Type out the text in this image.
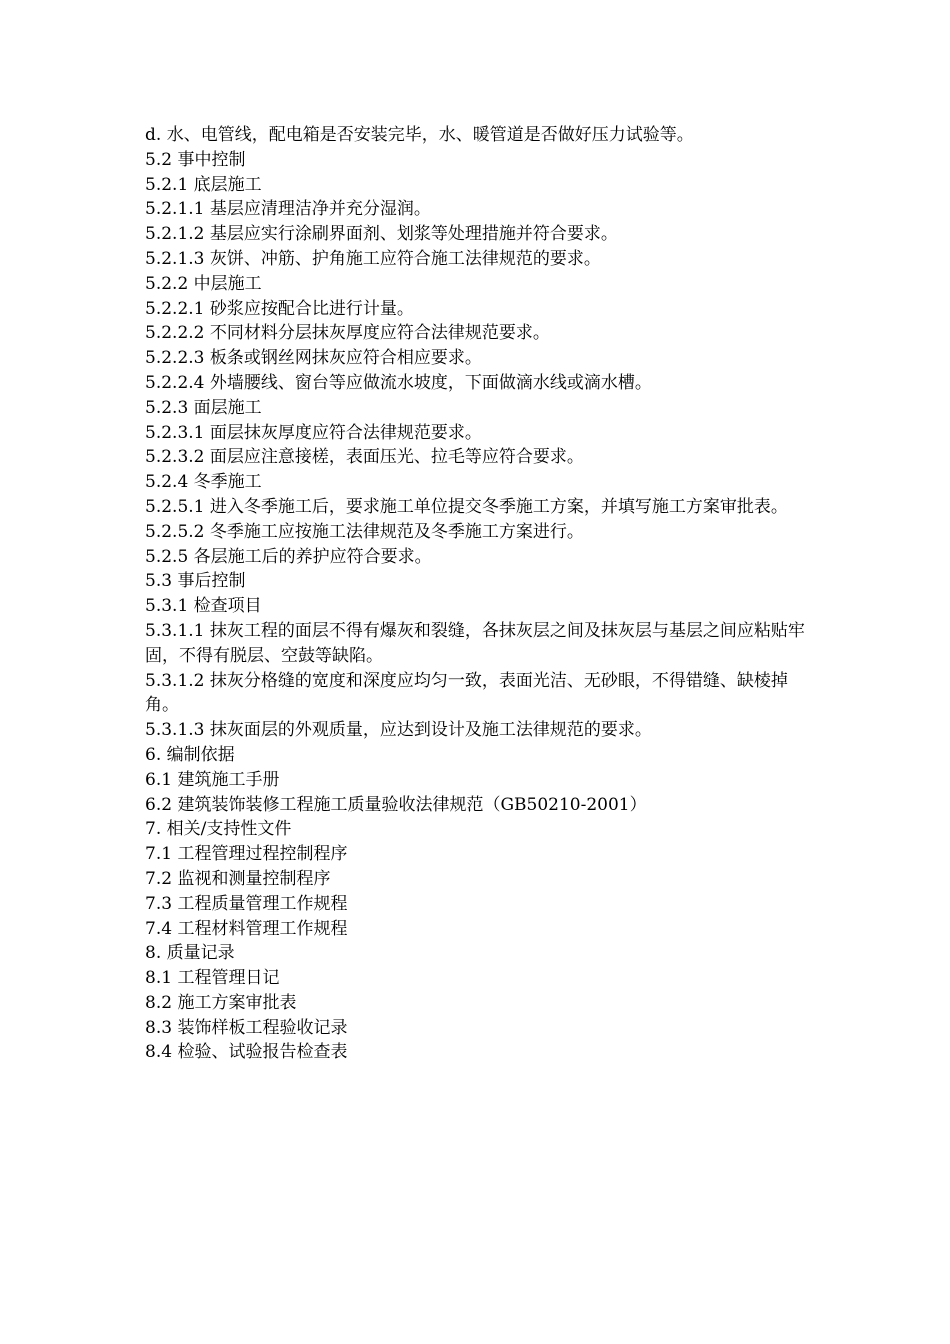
d. 水、电管线，配电箱是否安装完毕，水、暖管道是否做好压力试验等。

5.2 事中控制

5.2.1 底层施工

5.2.1.1 基层应清理洁净并充分湿润。

5.2.1.2 基层应实行涂刷界面剂、划浆等处理措施并符合要求。

5.2.1.3 灰饼、冲筋、护角施工应符合施工法律规范的要求。

5.2.2 中层施工

5.2.2.1 砂浆应按配合比进行计量。

5.2.2.2 不同材料分层抹灰厚度应符合法律规范要求。

5.2.2.3 板条或钢丝网抹灰应符合相应要求。

5.2.2.4 外墙腰线、窗台等应做流水坡度，下面做滴水线或滴水槽。

5.2.3 面层施工

5.2.3.1 面层抹灰厚度应符合法律规范要求。

5.2.3.2 面层应注意接槎，表面压光、拉毛等应符合要求。

5.2.4 冬季施工

5.2.5.1 进入冬季施工后，要求施工单位提交冬季施工方案，并填写施工方案审批表。

5.2.5.2 冬季施工应按施工法律规范及冬季施工方案进行。

5.2.5 各层施工后的养护应符合要求。

5.3 事后控制

5.3.1 检查项目

5.3.1.1 抹灰工程的面层不得有爆灰和裂缝，各抹灰层之间及抹灰层与基层之间应粘贴牢固，不得有脱层、空鼓等缺陷。

5.3.1.2 抹灰分格缝的宽度和深度应均匀一致，表面光洁、无砂眼，不得错缝、缺棱掉角。

5.3.1.3 抹灰面层的外观质量，应达到设计及施工法律规范的要求。

6. 编制依据

6.1 建筑施工手册

6.2 建筑装饰装修工程施工质量验收法律规范（GB50210-2001）

7. 相关/支持性文件

7.1 工程管理过程控制程序

7.2 监视和测量控制程序

7.3 工程质量管理工作规程

7.4 工程材料管理工作规程

8. 质量记录

8.1 工程管理日记

8.2 施工方案审批表

8.3 装饰样板工程验收记录

8.4 检验、试验报告检查表
